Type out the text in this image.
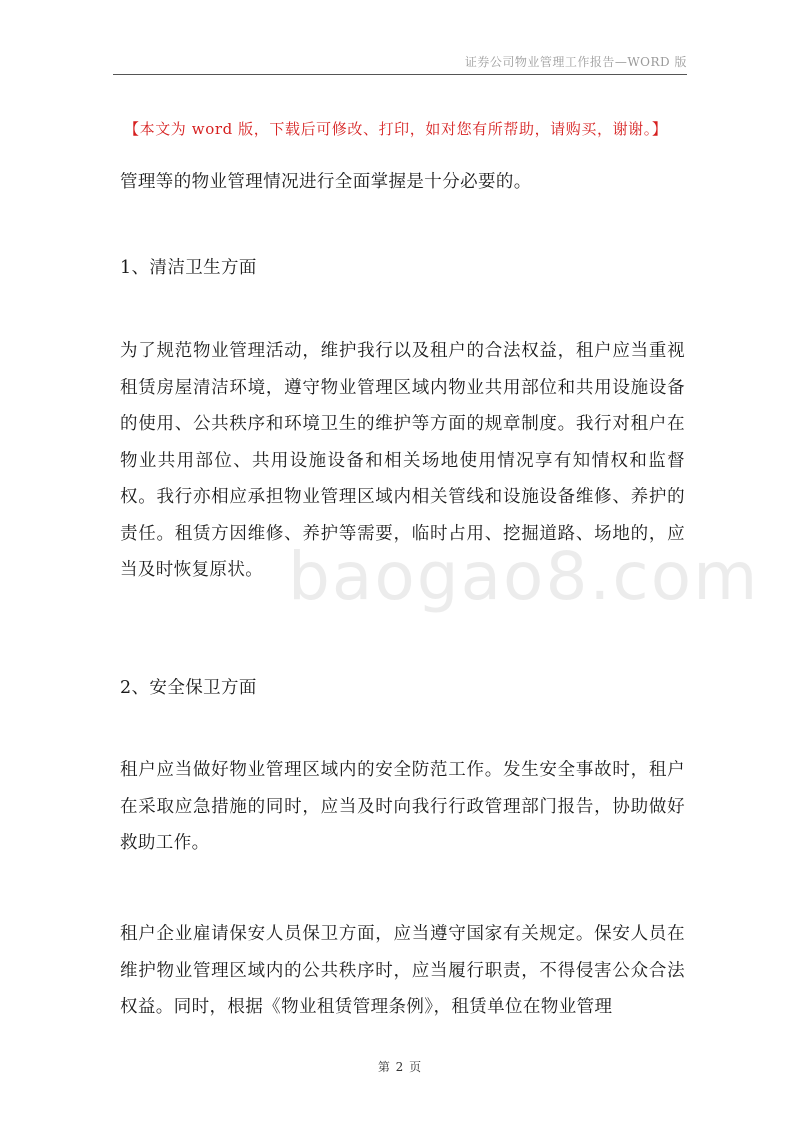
证券公司物业管理工作报告—WORD 版
【本文为 word 版，下载后可修改、打印，如对您有所帮助，请购买，谢谢。】

管理等的物业管理情况进行全面掌握是十分必要的。

1、清洁卫生方面

为了规范物业管理活动，维护我行以及租户的合法权益，租户应当重视租赁房屋清洁环境，遵守物业管理区域内物业共用部位和共用设施设备的使用、公共秩序和环境卫生的维护等方面的规章制度。我行对租户在物业共用部位、共用设施设备和相关场地使用情况享有知情权和监督权。我行亦相应承担物业管理区域内相关管线和设施设备维修、养护的责任。租赁方因维修、养护等需要，临时占用、挖掘道路、场地的，应当及时恢复原状。 baogao8.com

2、安全保卫方面

租户应当做好物业管理区域内的安全防范工作。发生安全事故时，租户在采取应急措施的同时，应当及时向我行行政管理部门报告，协助做好救助工作。

租户企业雇请保安人员保卫方面，应当遵守国家有关规定。保安人员在维护物业管理区域内的公共秩序时，应当履行职责，不得侵害公众合法权益。同时，根据《物业租赁管理条例》，租赁单位在物业管理

第 2 页
